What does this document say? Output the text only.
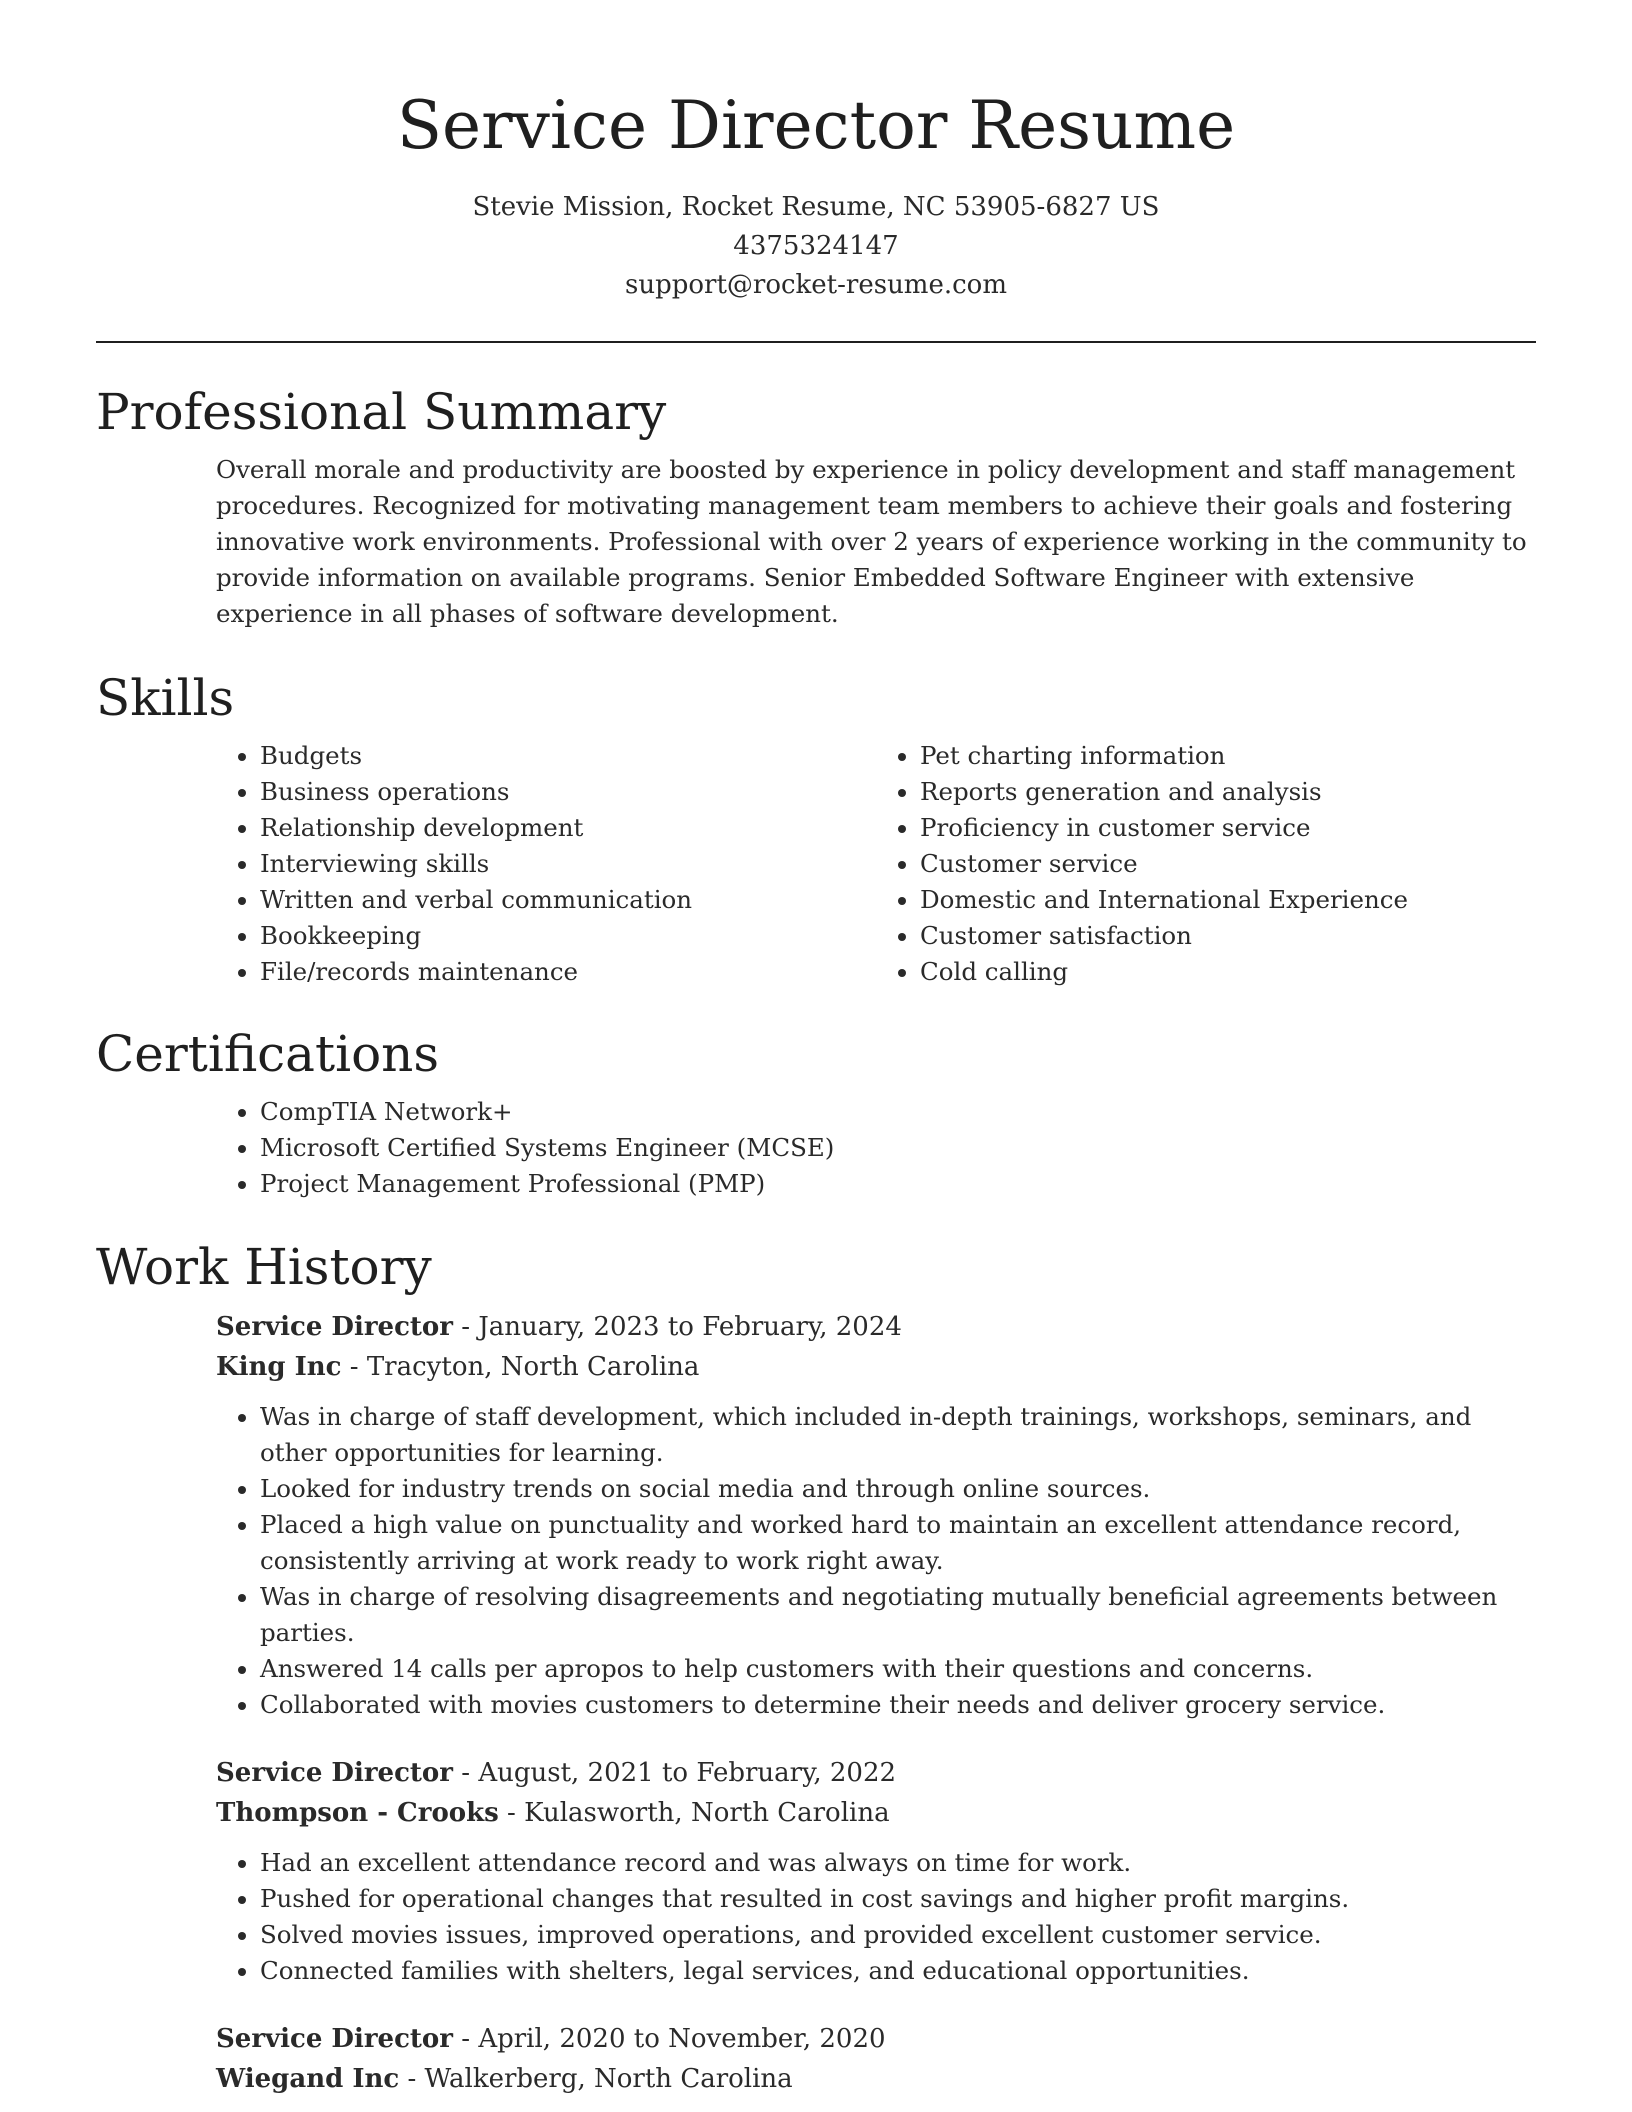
Service Director Resume
Stevie Mission, Rocket Resume, NC 53905-6827 US
4375324147
support@rocket-resume.com
Professional Summary

Overall morale and productivity are boosted by experience in policy development and staff management procedures. Recognized for motivating management team members to achieve their goals and fostering innovative work environments. Professional with over 2 years of experience working in the community to provide information on available programs. Senior Embedded Software Engineer with extensive experience in all phases of software development.

Skills
• Budgets
• Business operations
• Relationship development
• Interviewing skills
• Written and verbal communication
• Bookkeeping
• File/records maintenance
• Pet charting information
• Reports generation and analysis
• Proficiency in customer service
• Customer service
• Domestic and International Experience
• Customer satisfaction
• Cold calling
Certifications
• CompTIA Network+
• Microsoft Certified Systems Engineer (MCSE)
• Project Management Professional (PMP)
Work History
Service Director - January, 2023 to February, 2024
King Inc - Tracyton, North Carolina
• Was in charge of staff development, which included in-depth trainings, workshops, seminars, and other opportunities for learning.
• Looked for industry trends on social media and through online sources.
• Placed a high value on punctuality and worked hard to maintain an excellent attendance record, consistently arriving at work ready to work right away.
• Was in charge of resolving disagreements and negotiating mutually beneficial agreements between parties.
• Answered 14 calls per apropos to help customers with their questions and concerns.
• Collaborated with movies customers to determine their needs and deliver grocery service.
Service Director - August, 2021 to February, 2022
Thompson - Crooks - Kulasworth, North Carolina
• Had an excellent attendance record and was always on time for work.
• Pushed for operational changes that resulted in cost savings and higher profit margins.
• Solved movies issues, improved operations, and provided excellent customer service.
• Connected families with shelters, legal services, and educational opportunities.
Service Director - April, 2020 to November, 2020
Wiegand Inc - Walkerberg, North Carolina
